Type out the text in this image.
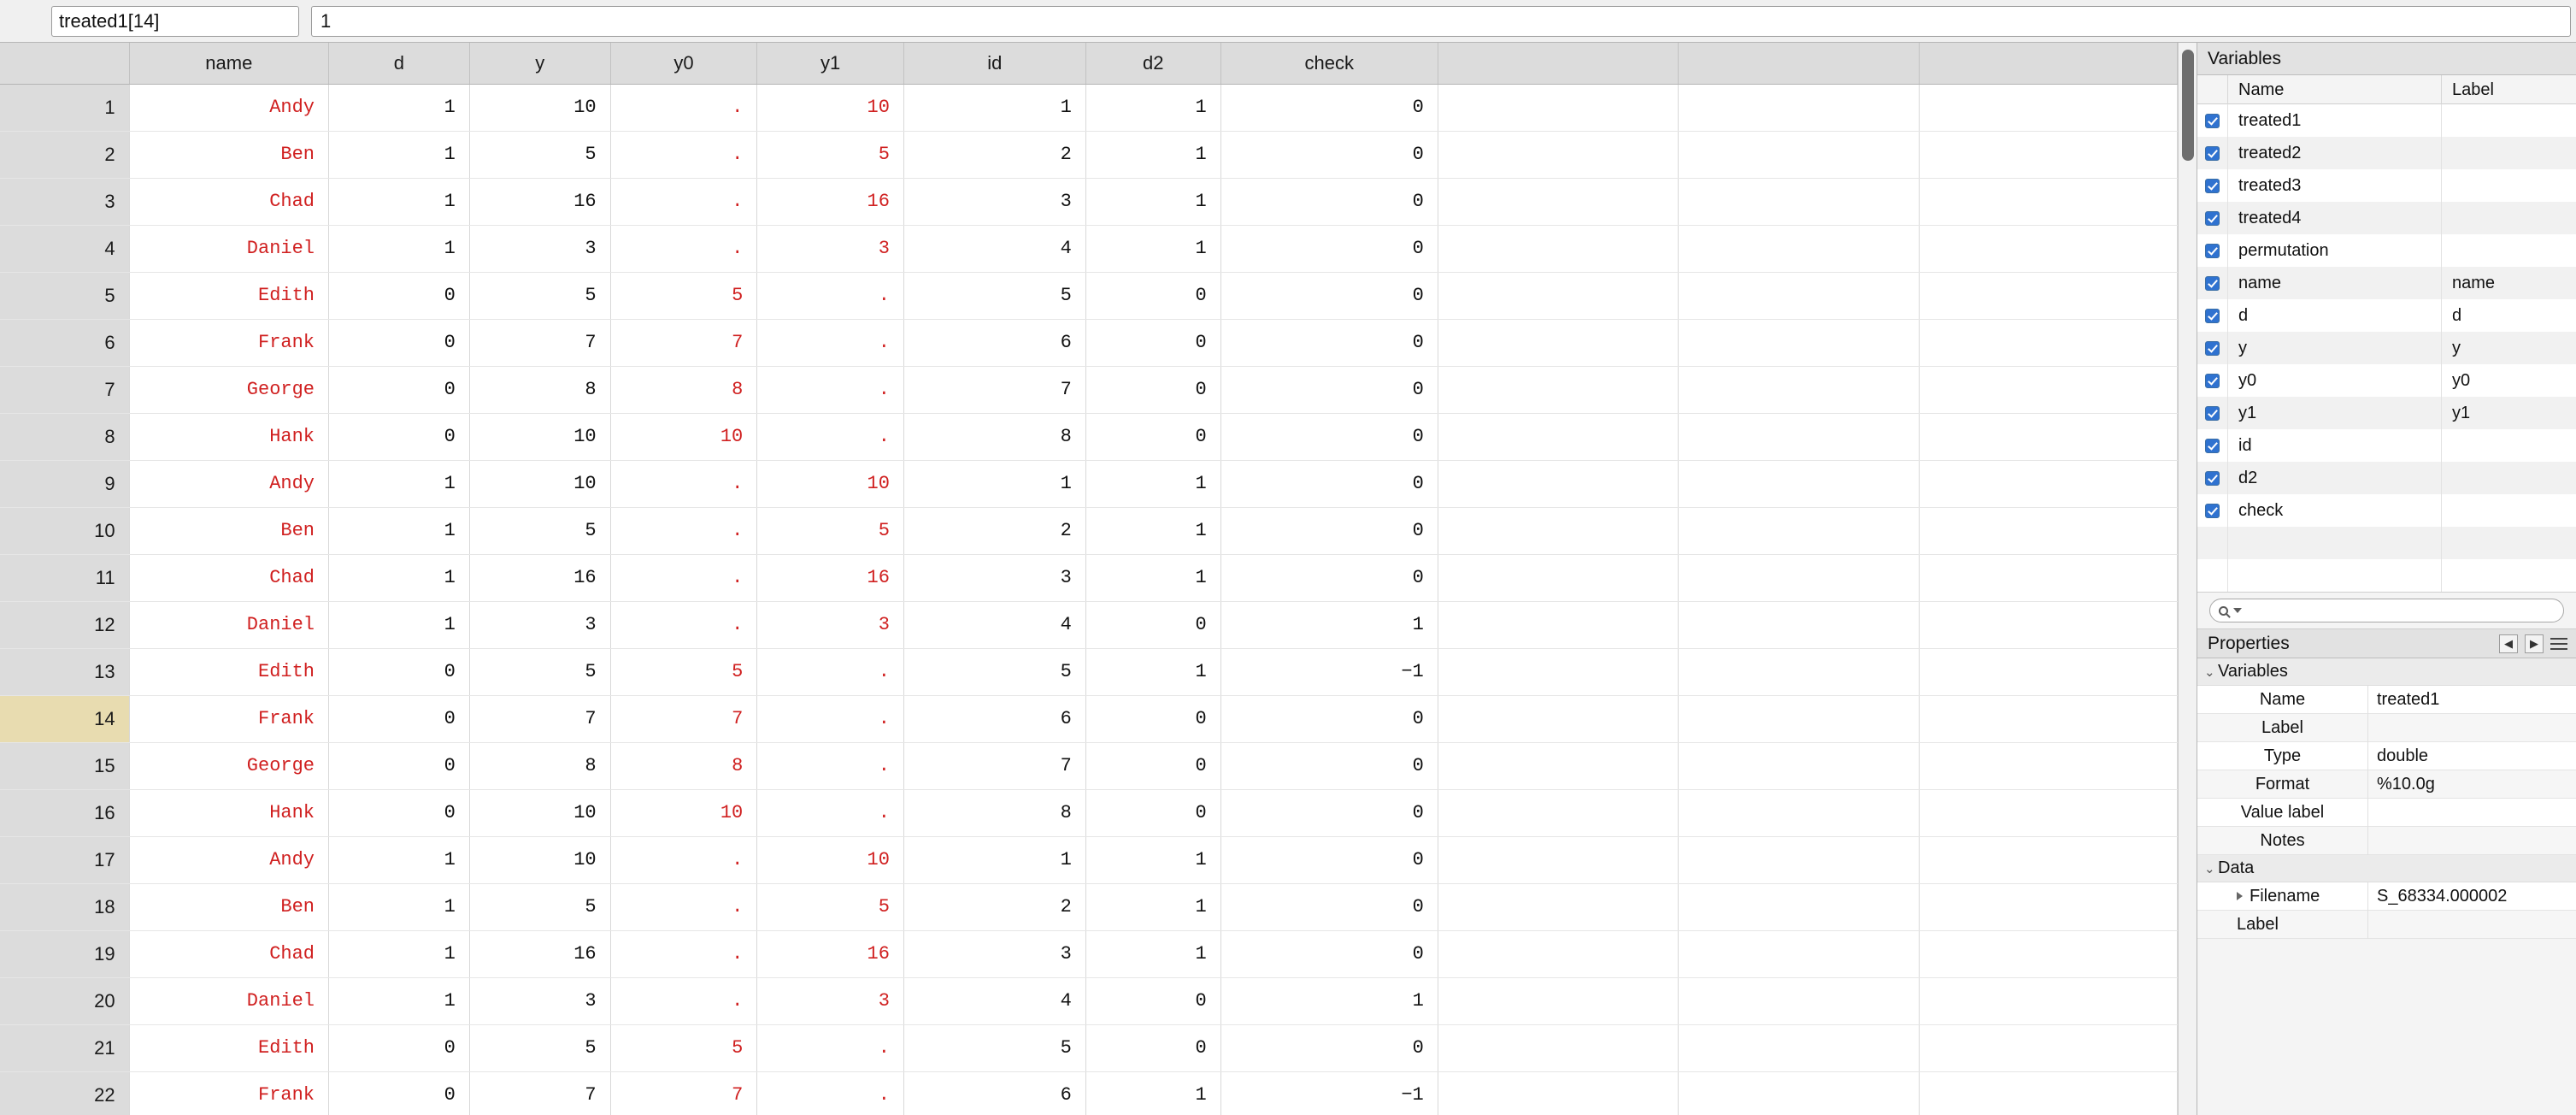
treated1[14]	1
	name	d	y	y0	y1	id	d2	check			
1	Andy	1	10	.	10	1	1	0			
2	Ben	1	5	.	5	2	1	0			
3	Chad	1	16	.	16	3	1	0			
4	Daniel	1	3	.	3	4	1	0			
5	Edith	0	5	5	.	5	0	0			
6	Frank	0	7	7	.	6	0	0			
7	George	0	8	8	.	7	0	0			
8	Hank	0	10	10	.	8	0	0			
9	Andy	1	10	.	10	1	1	0			
10	Ben	1	5	.	5	2	1	0			
11	Chad	1	16	.	16	3	1	0			
12	Daniel	1	3	.	3	4	0	1			
13	Edith	0	5	5	.	5	1	−1			
14	Frank	0	7	7	.	6	0	0			
15	George	0	8	8	.	7	0	0			
16	Hank	0	10	10	.	8	0	0			
17	Andy	1	10	.	10	1	1	0			
18	Ben	1	5	.	5	2	1	0			
19	Chad	1	16	.	16	3	1	0			
20	Daniel	1	3	.	3	4	0	1			
21	Edith	0	5	5	.	5	0	0			
22	Frank	0	7	7	.	6	1	−1			
Variables
Name	Label
treated1
treated2
treated3
treated4
permutation
name	name
d	d
y	y
y0	y0
y1	y1
id
d2
check
Properties	◀	▶
⌄ Variables
Name	treated1
Label
Type	double
Format	%10.0g
Value label
Notes
⌄ Data
Filename	S_68334.000002
Label
